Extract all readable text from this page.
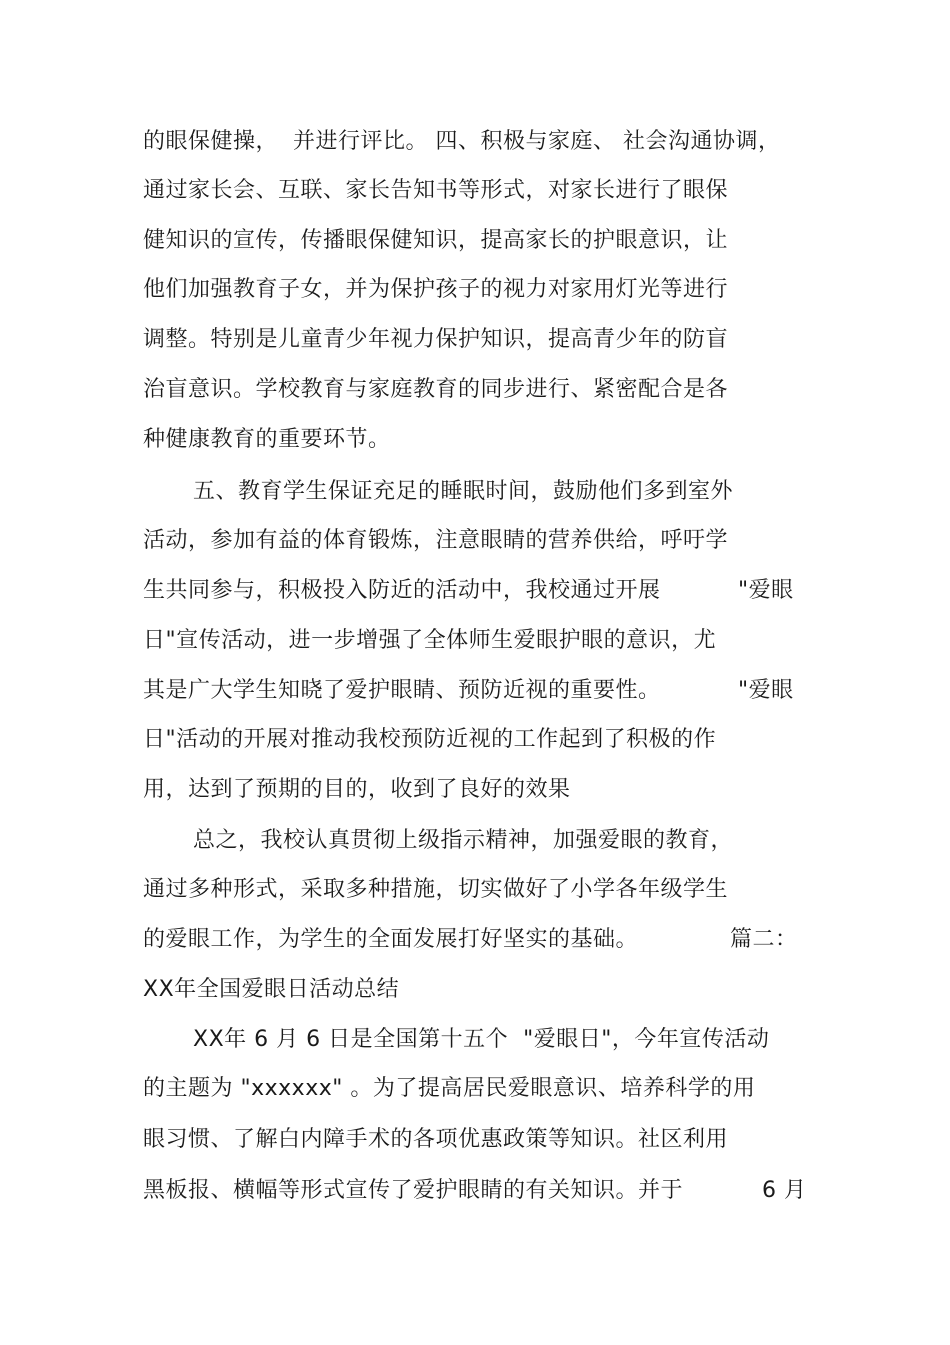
的眼保健操，  并进行评比。 四、积极与家庭、 社会沟通协调，
通过家长会、互联、家长告知书等形式，对家长进行了眼保
健知识的宣传，传播眼保健知识，提高家长的护眼意识，让
他们加强教育子女，并为保护孩子的视力对家用灯光等进行
调整。特别是儿童青少年视力保护知识，提高青少年的防盲
治盲意识。学校教育与家庭教育的同步进行、紧密配合是各
种健康教育的重要环节。
五、教育学生保证充足的睡眠时间，鼓励他们多到室外
活动，参加有益的体育锻炼，注意眼睛的营养供给，呼吁学
生共同参与，积极投入防近的活动中，我校通过开展	"爱眼
日"宣传活动，进一步增强了全体师生爱眼护眼的意识，尤
其是广大学生知晓了爱护眼睛、预防近视的重要性。	"爱眼
日"活动的开展对推动我校预防近视的工作起到了积极的作
用，达到了预期的目的，收到了良好的效果
总之，我校认真贯彻上级指示精神，加强爱眼的教育，
通过多种形式，采取多种措施，切实做好了小学各年级学生
的爱眼工作，为学生的全面发展打好坚实的基础。	篇二：
XX年全国爱眼日活动总结
XX年 6 月 6 日是全国第十五个  "爱眼日"，今年宣传活动
的主题为 "xxxxxx" 。为了提高居民爱眼意识、培养科学的用
眼习惯、了解白内障手术的各项优惠政策等知识。社区利用
黑板报、横幅等形式宣传了爱护眼睛的有关知识。并于	6 月
